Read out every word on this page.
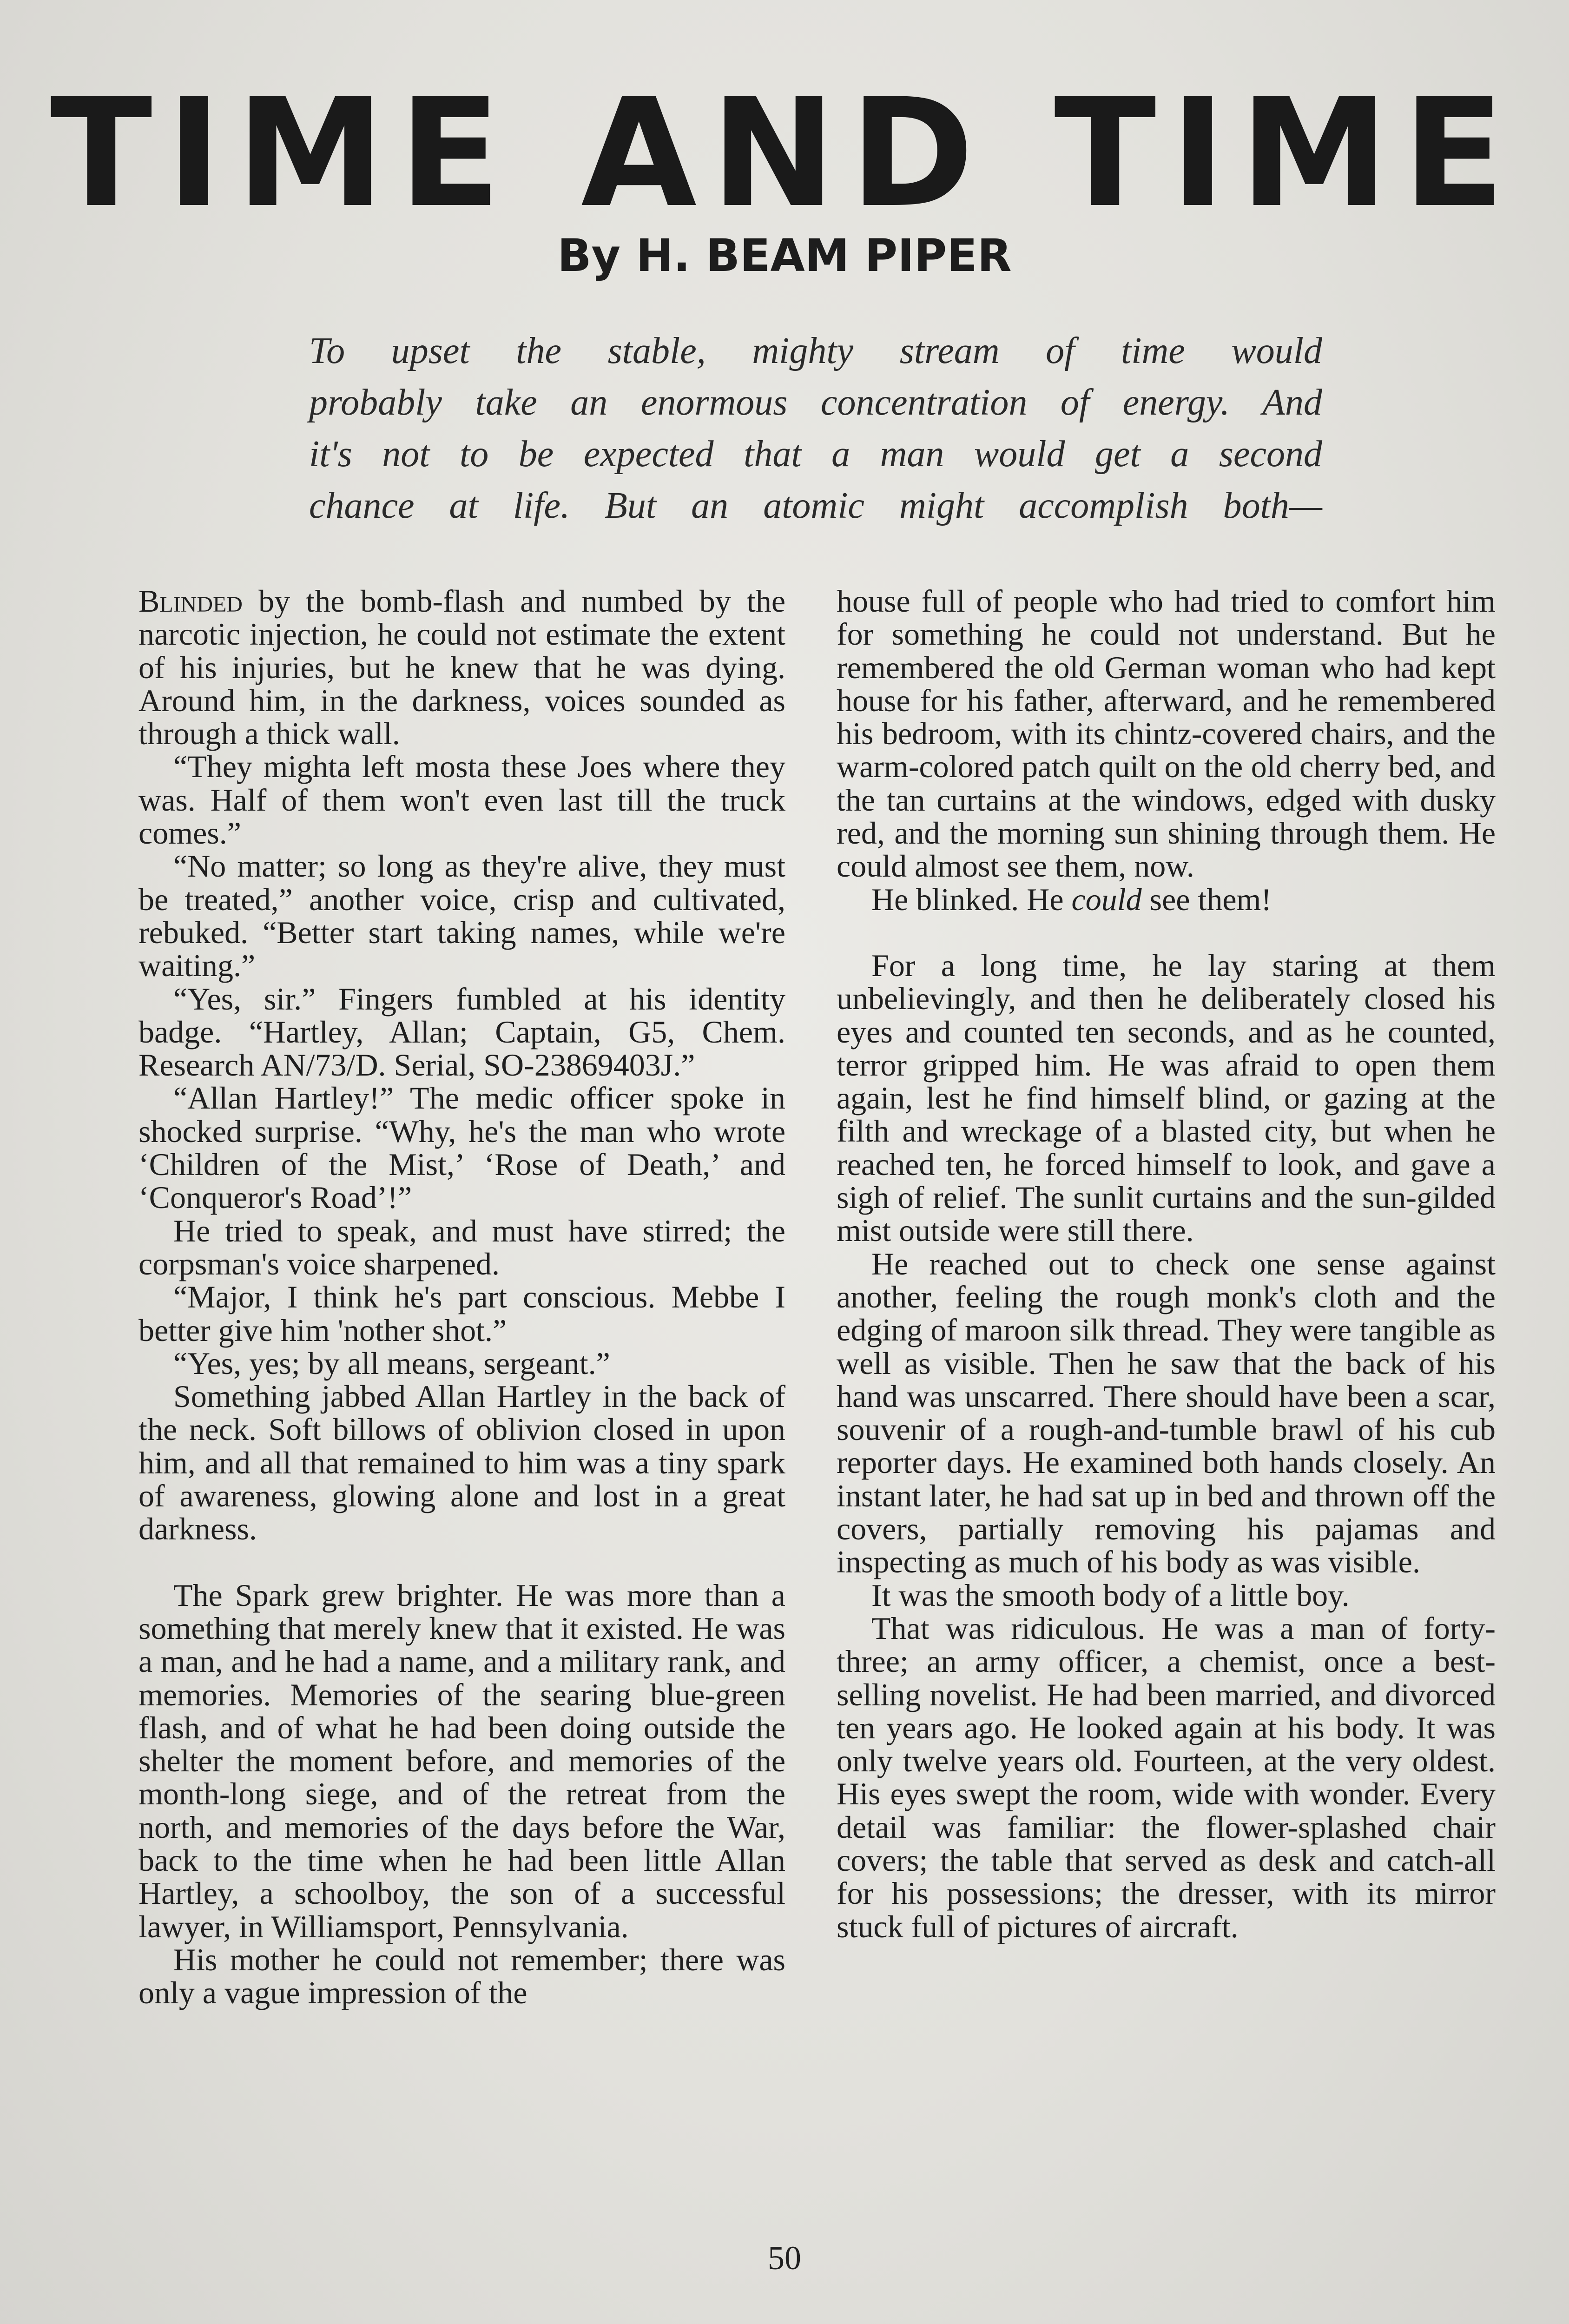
TIME AND TIME
By H. BEAM PIPER
To upset the stable, mighty stream of time would
probably take an enormous concentration of energy. And
it's not to be expected that a man would get a second
chance at life. But an atomic might accomplish both—

Blinded by the bomb-flash and numbed by the narcotic injection, he could not estimate the extent of his injuries, but he knew that he was dying. Around him, in the darkness, voices sounded as through a thick wall.

“They mighta left mosta these Joes where they was. Half of them won't even last till the truck comes.”

“No matter; so long as they're alive, they must be treated,” another voice, crisp and cultivated, rebuked. “Better start taking names, while we're waiting.”

“Yes, sir.” Fingers fumbled at his identity badge. “Hartley, Allan; Captain, G5, Chem. Research AN/73/D. Serial, SO-23869403J.”

“Allan Hartley!” The medic officer spoke in shocked surprise. “Why, he's the man who wrote ‘Children of the Mist,’ ‘Rose of Death,’ and ‘Conqueror's Road’!”

He tried to speak, and must have stirred; the corpsman's voice sharpened.

“Major, I think he's part conscious. Mebbe I better give him 'nother shot.”

“Yes, yes; by all means, sergeant.”

Something jabbed Allan Hartley in the back of the neck. Soft billows of oblivion closed in upon him, and all that remained to him was a tiny spark of awareness, glowing alone and lost in a great darkness.

The Spark grew brighter. He was more than a something that merely knew that it existed. He was a man, and he had a name, and a military rank, and memories. Memories of the searing blue-green flash, and of what he had been doing outside the shelter the moment before, and memories of the month-long siege, and of the retreat from the north, and memories of the days before the War, back to the time when he had been little Allan Hartley, a schoolboy, the son of a successful lawyer, in Williamsport, Pennsylvania.

His mother he could not remember; there was only a vague impression of the

house full of people who had tried to comfort him for something he could not understand. But he remembered the old German woman who had kept house for his father, afterward, and he remembered his bedroom, with its chintz-covered chairs, and the warm-colored patch quilt on the old cherry bed, and the tan curtains at the windows, edged with dusky red, and the morning sun shining through them. He could almost see them, now.

He blinked. He could see them!

For a long time, he lay staring at them unbelievingly, and then he deliberately closed his eyes and counted ten seconds, and as he counted, terror gripped him. He was afraid to open them again, lest he find himself blind, or gazing at the filth and wreckage of a blasted city, but when he reached ten, he forced himself to look, and gave a sigh of relief. The sunlit curtains and the sun-gilded mist outside were still there.

He reached out to check one sense against another, feeling the rough monk's cloth and the edging of maroon silk thread. They were tangible as well as visible. Then he saw that the back of his hand was unscarred. There should have been a scar, souvenir of a rough-and-tumble brawl of his cub reporter days. He examined both hands closely. An instant later, he had sat up in bed and thrown off the covers, partially removing his pajamas and inspecting as much of his body as was visible.

It was the smooth body of a little boy.

That was ridiculous. He was a man of forty-three; an army officer, a chemist, once a best-selling novelist. He had been married, and divorced ten years ago. He looked again at his body. It was only twelve years old. Fourteen, at the very oldest. His eyes swept the room, wide with wonder. Every detail was familiar: the flower-splashed chair covers; the table that served as desk and catch-all for his possessions; the dresser, with its mirror stuck full of pictures of aircraft.

50
